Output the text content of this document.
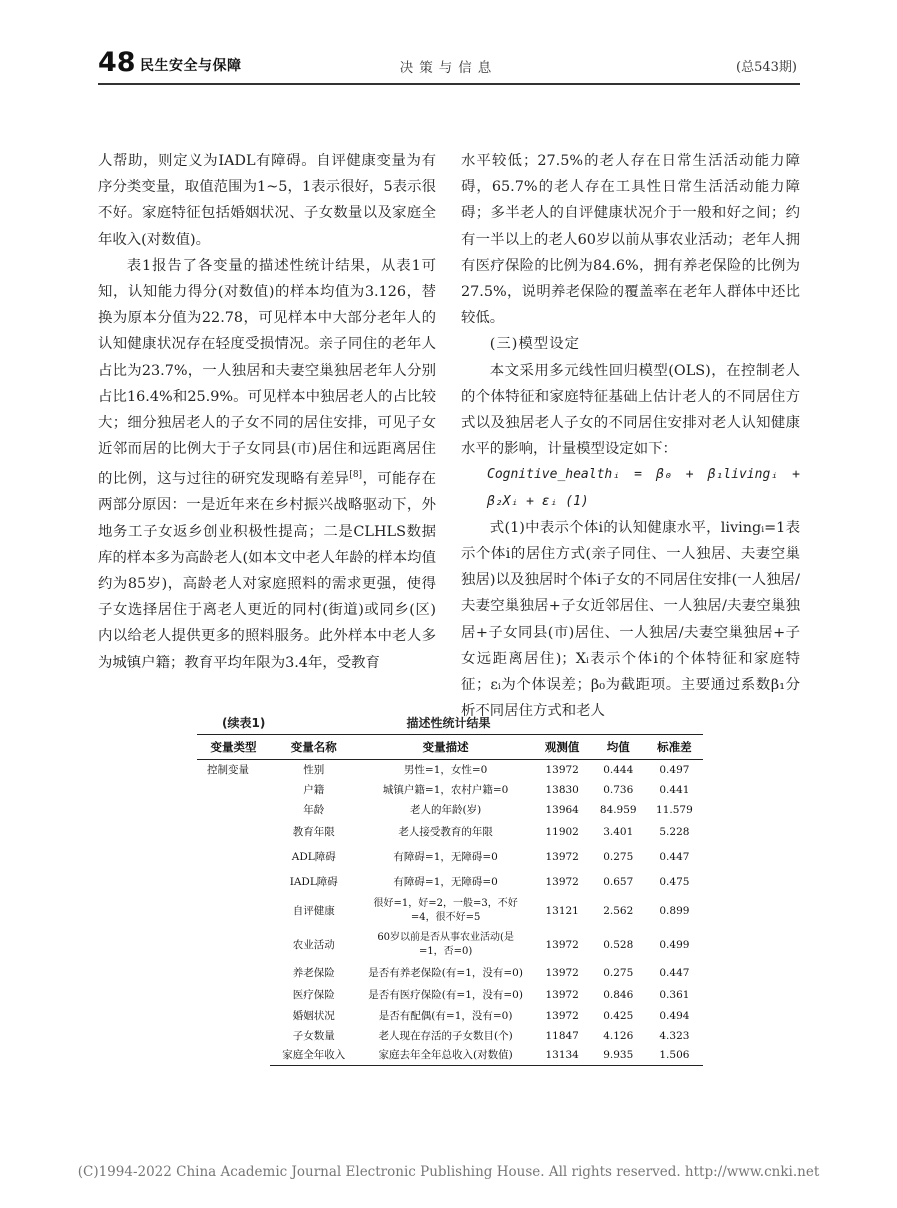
48 民生安全与保障	决策与信息	(总543期)

人帮助，则定义为IADL有障碍。自评健康变量为有序分类变量，取值范围为1~5，1表示很好，5表示很不好。家庭特征包括婚姻状况、子女数量以及家庭全年收入(对数值)。

表1报告了各变量的描述性统计结果，从表1可知，认知能力得分(对数值)的样本均值为3.126，替换为原本分值为22.78，可见样本中大部分老年人的认知健康状况存在轻度受损情况。亲子同住的老年人占比为23.7%，一人独居和夫妻空巢独居老年人分别占比16.4%和25.9%。可见样本中独居老人的占比较大；细分独居老人的子女不同的居住安排，可见子女近邻而居的比例大于子女同县(市)居住和远距离居住的比例，这与过往的研究发现略有差异[8]，可能存在两部分原因：一是近年来在乡村振兴战略驱动下，外地务工子女返乡创业积极性提高；二是CLHLS数据库的样本多为高龄老人(如本文中老人年龄的样本均值约为85岁)，高龄老人对家庭照料的需求更强，使得子女选择居住于离老人更近的同村(街道)或同乡(区)内以给老人提供更多的照料服务。此外样本中老人多为城镇户籍；教育平均年限为3.4年，受教育

水平较低；27.5%的老人存在日常生活活动能力障碍，65.7%的老人存在工具性日常生活活动能力障碍；多半老人的自评健康状况介于一般和好之间；约有一半以上的老人60岁以前从事农业活动；老年人拥有医疗保险的比例为84.6%，拥有养老保险的比例为27.5%，说明养老保险的覆盖率在老年人群体中还比较低。

(三)模型设定

本文采用多元线性回归模型(OLS)，在控制老人的个体特征和家庭特征基础上估计老人的不同居住方式以及独居老人子女的不同居住安排对老人认知健康水平的影响，计量模型设定如下：

Cognitive_healthᵢ = β₀ + β₁livingᵢ + β₂Xᵢ + εᵢ (1)

式(1)中表示个体i的认知健康水平，livingᵢ=1表示个体i的居住方式(亲子同住、一人独居、夫妻空巢独居)以及独居时个体i子女的不同居住安排(一人独居/夫妻空巢独居+子女近邻居住、一人独居/夫妻空巢独居+子女同县(市)居住、一人独居/夫妻空巢独居+子女远距离居住)；Xᵢ表示个体i的个体特征和家庭特征；εᵢ为个体误差；β₀为截距项。主要通过系数β₁分析不同居住方式和老人

(续表1)	描述性统计结果
变量类型	变量名称	变量描述	观测值	均值	标准差
控制变量	性别	男性=1，女性=0	13972	0.444	0.497
	户籍	城镇户籍=1，农村户籍=0	13830	0.736	0.441
	年龄	老人的年龄(岁)	13964	84.959	11.579
	教育年限	老人接受教育的年限	11902	3.401	5.228
	ADL障碍	有障碍=1，无障碍=0	13972	0.275	0.447
	IADL障碍	有障碍=1，无障碍=0	13972	0.657	0.475
	自评健康	很好=1，好=2，一般=3，不好=4，很不好=5	13121	2.562	0.899
	农业活动	60岁以前是否从事农业活动(是=1，否=0)	13972	0.528	0.499
	养老保险	是否有养老保险(有=1，没有=0)	13972	0.275	0.447
	医疗保险	是否有医疗保险(有=1，没有=0)	13972	0.846	0.361
	婚姻状况	是否有配偶(有=1，没有=0)	13972	0.425	0.494
	子女数量	老人现在存活的子女数目(个)	11847	4.126	4.323
	家庭全年收入	家庭去年全年总收入(对数值)	13134	9.935	1.506
(C)1994-2022 China Academic Journal Electronic Publishing House. All rights reserved. http://www.cnki.net
